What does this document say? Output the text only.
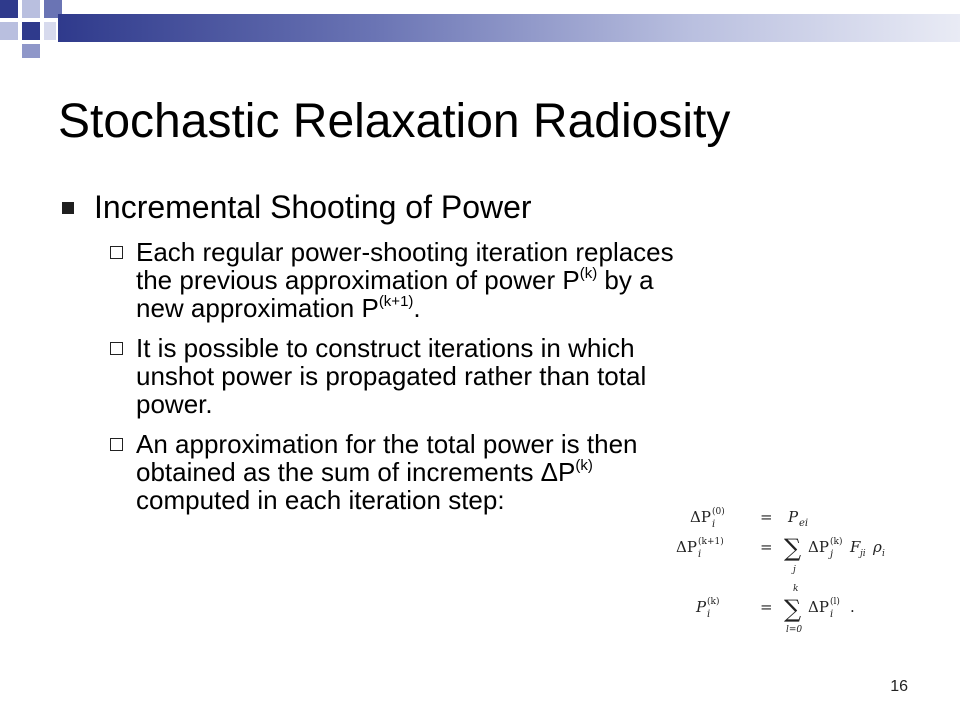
Stochastic Relaxation Radiosity
Incremental Shooting of Power
Each regular power-shooting iteration replaces the previous approximation of power $P^{(k)}$ by a new approximation $P^{(k+1)}$.
It is possible to construct iterations in which unshot power is propagated rather than total power.
An approximation for the total power is then obtained as the sum of increments ΔP$^{(k)}$ computed in each iteration step:
ΔP i
(0) = P ei
ΔP i
(k+1) = ∑
j
ΔP j
(k) F ji ρ i
P i
(k)	=
k
∑
l=0
ΔP i
(l) .
16
